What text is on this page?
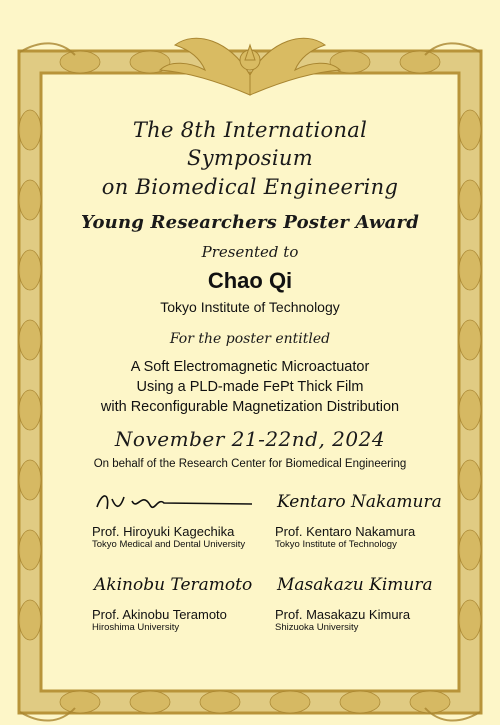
The 8th International
Symposium
on Biomedical Engineering
Young Researchers Poster Award
Presented to
Chao Qi
Tokyo Institute of Technology
For the poster entitled
A Soft Electromagnetic Microactuator
Using a PLD-made FePt Thick Film
with Reconfigurable Magnetization Distribution
November 21-22nd, 2024
On behalf of the Research Center for Biomedical Engineering
Prof. Hiroyuki Kagechika
Tokyo Medical and Dental University
Kentaro Nakamura
Prof. Kentaro Nakamura
Tokyo Institute of Technology
Akinobu Teramoto
Prof. Akinobu Teramoto
Hiroshima University
Masakazu Kimura
Prof. Masakazu Kimura
Shizuoka University
